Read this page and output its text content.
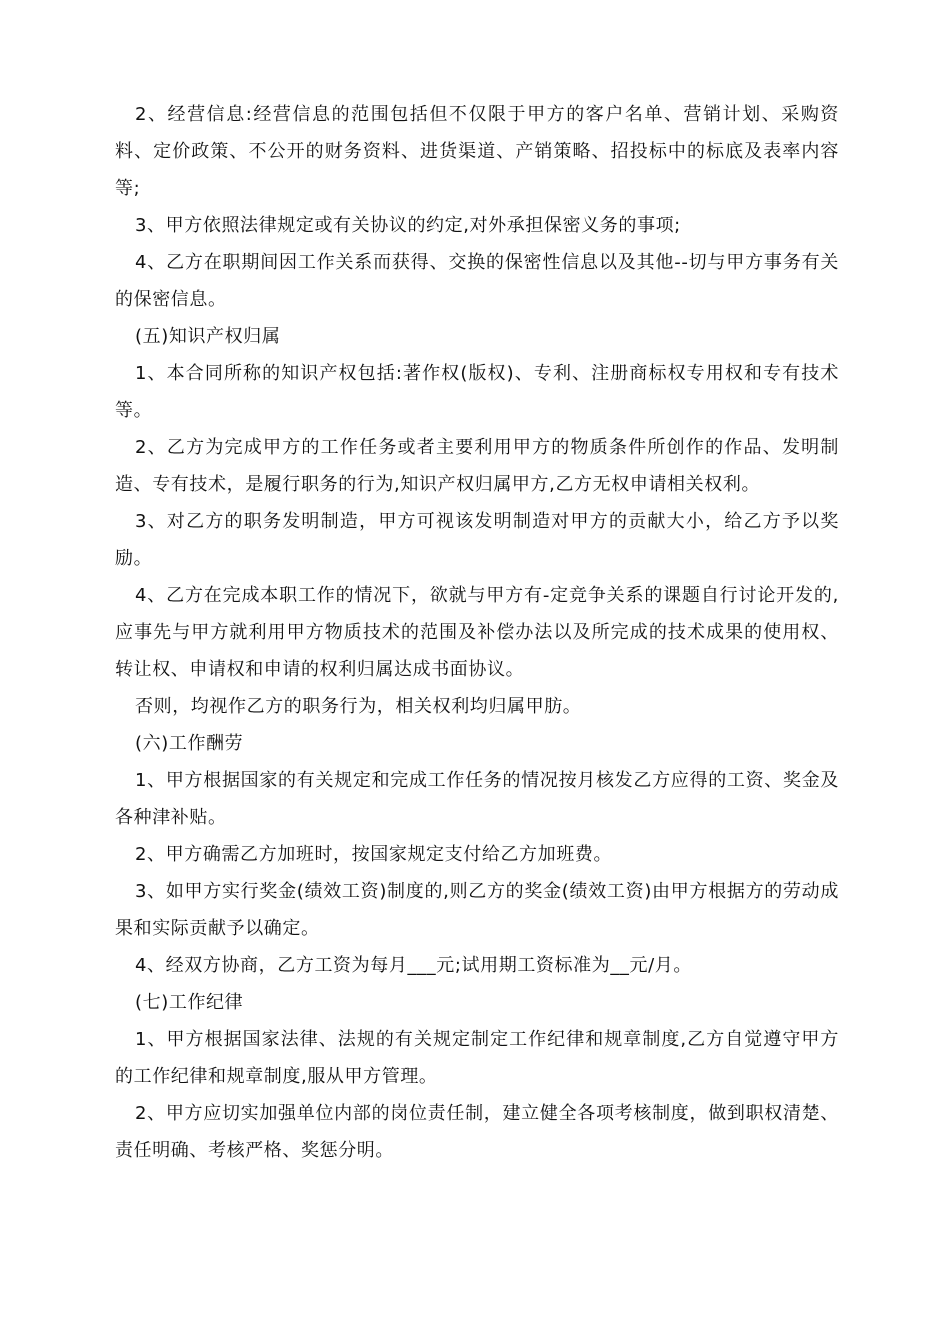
2、经营信息:经营信息的范围包括但不仅限于甲方的客户名单、营销计划、采购资料、定价政策、不公开的财务资料、进货渠道、产销策略、招投标中的标底及表率内容等;

3、甲方依照法律规定或有关协议的约定,对外承担保密义务的事项;

4、乙方在职期间因工作关系而获得、交换的保密性信息以及其他--切与甲方事务有关的保密信息。

(五)知识产权归属

1、本合同所称的知识产权包括:著作权(版权)、专利、注册商标权专用权和专有技术等。

2、乙方为完成甲方的工作任务或者主要利用甲方的物质条件所创作的作品、发明制造、专有技术，是履行职务的行为,知识产权归属甲方,乙方无权申请相关权利。

3、对乙方的职务发明制造，甲方可视该发明制造对甲方的贡献大小，给乙方予以奖励。

4、乙方在完成本职工作的情况下，欲就与甲方有-定竞争关系的课题自行讨论开发的,应事先与甲方就利用甲方物质技术的范围及补偿办法以及所完成的技术成果的使用权、转让权、申请权和申请的权利归属达成书面协议。

否则，均视作乙方的职务行为，相关权利均归属甲肪。

(六)工作酬劳

1、甲方根据国家的有关规定和完成工作任务的情况按月核发乙方应得的工资、奖金及各种津补贴。

2、甲方确需乙方加班时，按国家规定支付给乙方加班费。

3、如甲方实行奖金(绩效工资)制度的,则乙方的奖金(绩效工资)由甲方根据方的劳动成果和实际贡献予以确定。

4、经双方协商，乙方工资为每月___元;试用期工资标准为__元/月。

(七)工作纪律

1、甲方根据国家法律、法规的有关规定制定工作纪律和规章制度,乙方自觉遵守甲方的工作纪律和规章制度,服从甲方管理。

2、甲方应切实加强单位内部的岗位责任制，建立健全各项考核制度，做到职权清楚、责任明确、考核严格、奖惩分明。
